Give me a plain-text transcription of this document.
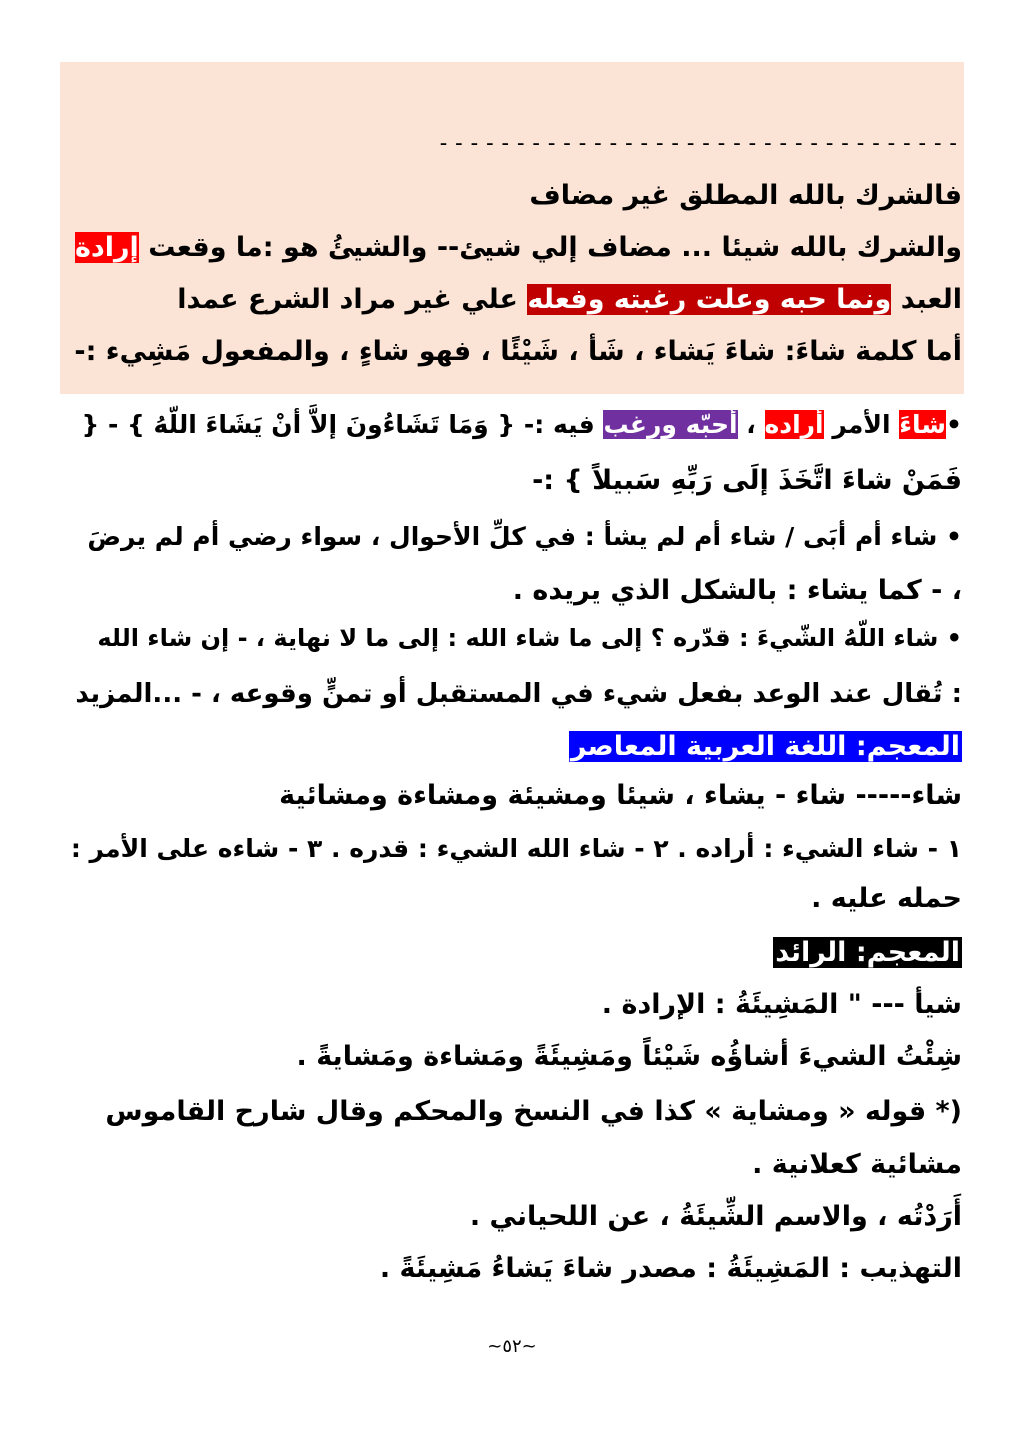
----------------------------------
فالشرك بالله المطلق غير مضاف
والشرك بالله شيئا ... مضاف إلي شيئ-- والشيئُ هو :ما وقعت إرادة
العبد ونما حبه وعلت رغبته وفعله علي غير مراد الشرع عمدا
أما كلمة شاءَ: شاءَ يَشاء ، شَأ ، شَيْئًا ، فهو شاءٍ ، والمفعول مَشِيء :-
•شاءَ الأمر أراده ، أحبّه ورغب فيه :- { وَمَا تَشَاءُونَ إلاَّ أنْ يَشَاءَ اللّهُ } - {
فَمَنْ شاءَ اتَّخَذَ إلَى رَبِّهِ سَبيلاً } :-
• شاء أم أبَى / شاء أم لم يشأ : في كلِّ الأحوال ، سواء رضي أم لم يرضَ
، - كما يشاء : بالشكل الذي يريده .
• شاء اللّهُ الشّيءَ : قدّره ؟ إلى ما شاء الله : إلى ما لا نهاية ، - إن شاء الله
: تُقال عند الوعد بفعل شيء في المستقبل أو تمنٍّ وقوعه ، - ...المزيد
المعجم: اللغة العربية المعاصر
شاء----- شاء - يشاء ، شيئا ومشيئة ومشاءة ومشائية
١ - شاء الشيء : أراده . ٢ - شاء الله الشيء : قدره . ٣ - شاءه على الأمر :
حمله عليه .
المعجم: الرائد
شيأ --- " المَشِيئَةُ : الإرادة .
شِئْتُ الشيءَ أشاؤُه شَيْئاً ومَشِيئَةً ومَشاءة ومَشايةً .
(* قوله « ومشاية » كذا في النسخ والمحكم وقال شارح القاموس
مشائية كعلانية .
أَرَدْتُه ، والاسم الشِّيئَةُ ، عن اللحياني .
التهذيب : المَشِيئَةُ : مصدر شاءَ يَشاءُ مَشِيئَةً .
~٥٢~
